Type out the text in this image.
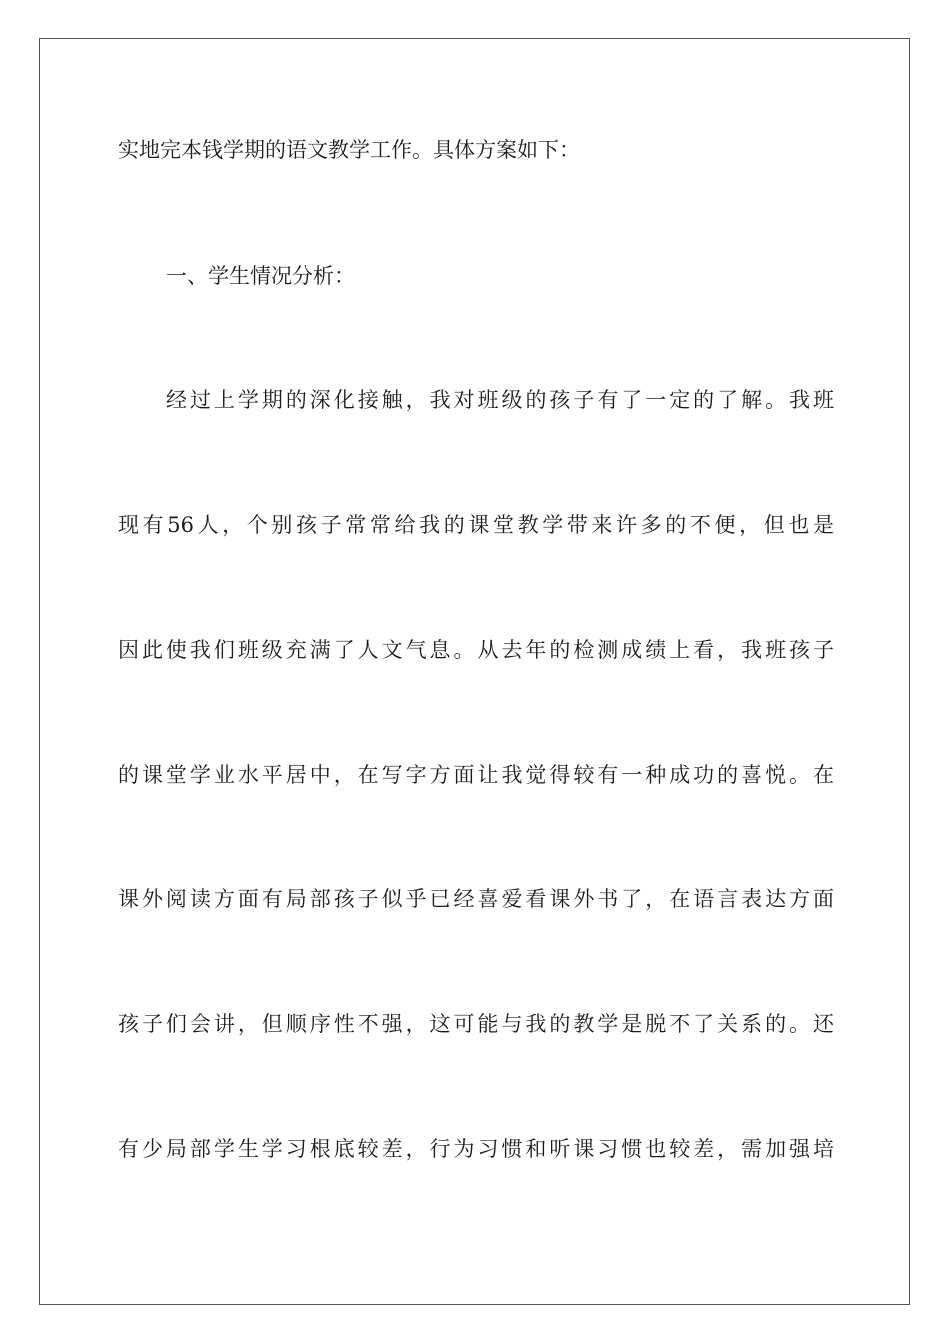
实地完本钱学期的语文教学工作。具体方案如下：
一、学生情况分析：
经过上学期的深化接触，我对班级的孩子有了一定的了解。我班
现有56人，个别孩子常常给我的课堂教学带来许多的不便，但也是
因此使我们班级充满了人文气息。从去年的检测成绩上看，我班孩子
的课堂学业水平居中，在写字方面让我觉得较有一种成功的喜悦。在
课外阅读方面有局部孩子似乎已经喜爱看课外书了，在语言表达方面
孩子们会讲，但顺序性不强，这可能与我的教学是脱不了关系的。还
有少局部学生学习根底较差，行为习惯和听课习惯也较差，需加强培
